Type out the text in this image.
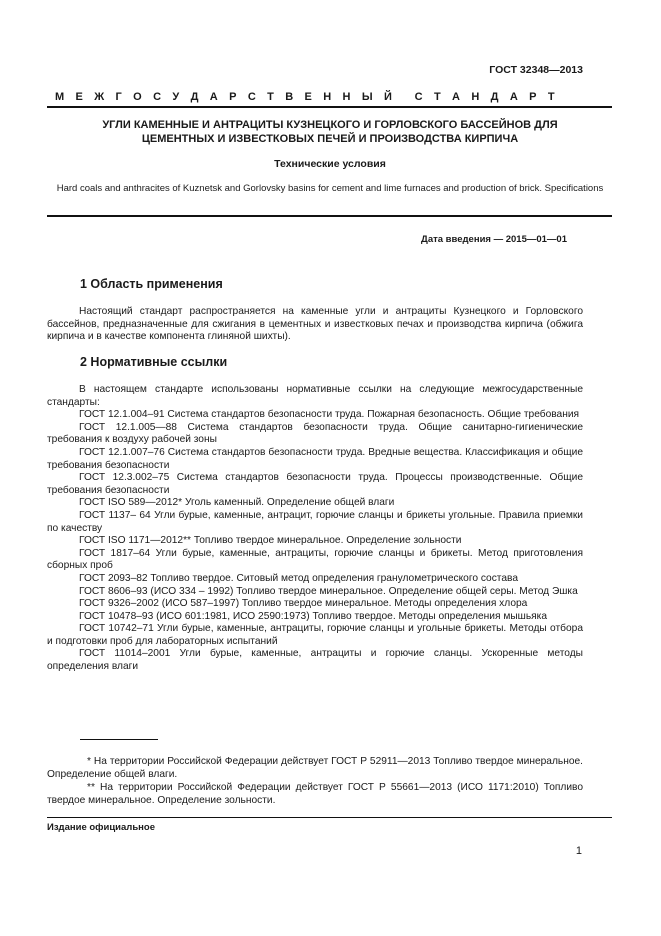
ГОСТ 32348—2013
М Е Ж Г О С У Д А Р С Т В Е Н Н Ы Й С Т А Н Д А Р Т
УГЛИ КАМЕННЫЕ И АНТРАЦИТЫ КУЗНЕЦКОГО И ГОРЛОВСКОГО БАССЕЙНОВ ДЛЯ
ЦЕМЕНТНЫХ И ИЗВЕСТКОВЫХ ПЕЧЕЙ И ПРОИЗВОДСТВА КИРПИЧА
Технические условия
Hard coals and anthracites of Kuznetsk and Gorlovsky basins for cement and lime furnaces and production of brick. Specifications
Дата введения — 2015—01—01
1 Область применения

Настоящий стандарт распространяется на каменные угли и антрациты Кузнецкого и Горловского бассейнов, предназначенные для сжигания в цементных и известковых печах и производства кирпича (обжига кирпича и в качестве компонента глиняной шихты).

2 Нормативные ссылки

В настоящем стандарте использованы нормативные ссылки на следующие межгосударственные стандарты:

ГОСТ 12.1.004–91 Система стандартов безопасности труда. Пожарная безопасность. Общие требования

ГОСТ 12.1.005—88 Система стандартов безопасности труда. Общие санитарно-гигиенические требования к воздуху рабочей зоны

ГОСТ 12.1.007–76 Система стандартов безопасности труда. Вредные вещества. Классификация и общие требования безопасности

ГОСТ 12.3.002–75 Система стандартов безопасности труда. Процессы производственные. Общие требования безопасности

ГОСТ ISO 589—2012* Уголь каменный. Определение общей влаги

ГОСТ 1137– 64 Угли бурые, каменные, антрацит, горючие сланцы и брикеты угольные. Правила приемки по качеству

ГОСТ ISO 1171—2012** Топливо твердое минеральное. Определение зольности

ГОСТ 1817–64 Угли бурые, каменные, антрациты, горючие сланцы и брикеты. Метод приготовления сборных проб

ГОСТ 2093–82 Топливо твердое. Ситовый метод определения гранулометрического состава

ГОСТ 8606–93 (ИСО 334 – 1992) Топливо твердое минеральное. Определение общей серы. Метод Эшка

ГОСТ 9326–2002 (ИСО 587–1997) Топливо твердое минеральное. Методы определения хлора

ГОСТ 10478–93 (ИСО 601:1981, ИСО 2590:1973) Топливо твердое. Методы определения мышьяка

ГОСТ 10742–71 Угли бурые, каменные, антрациты, горючие сланцы и угольные брикеты. Методы отбора и подготовки проб для лабораторных испытаний

ГОСТ 11014–2001 Угли бурые, каменные, антрациты и горючие сланцы. Ускоренные методы определения влаги

* На территории Российской Федерации действует ГОСТ Р 52911—2013 Топливо твердое минеральное. Определение общей влаги.

** На территории Российской Федерации действует ГОСТ Р 55661—2013 (ИСО 1171:2010) Топливо твердое минеральное. Определение зольности.

Издание официальное
1
